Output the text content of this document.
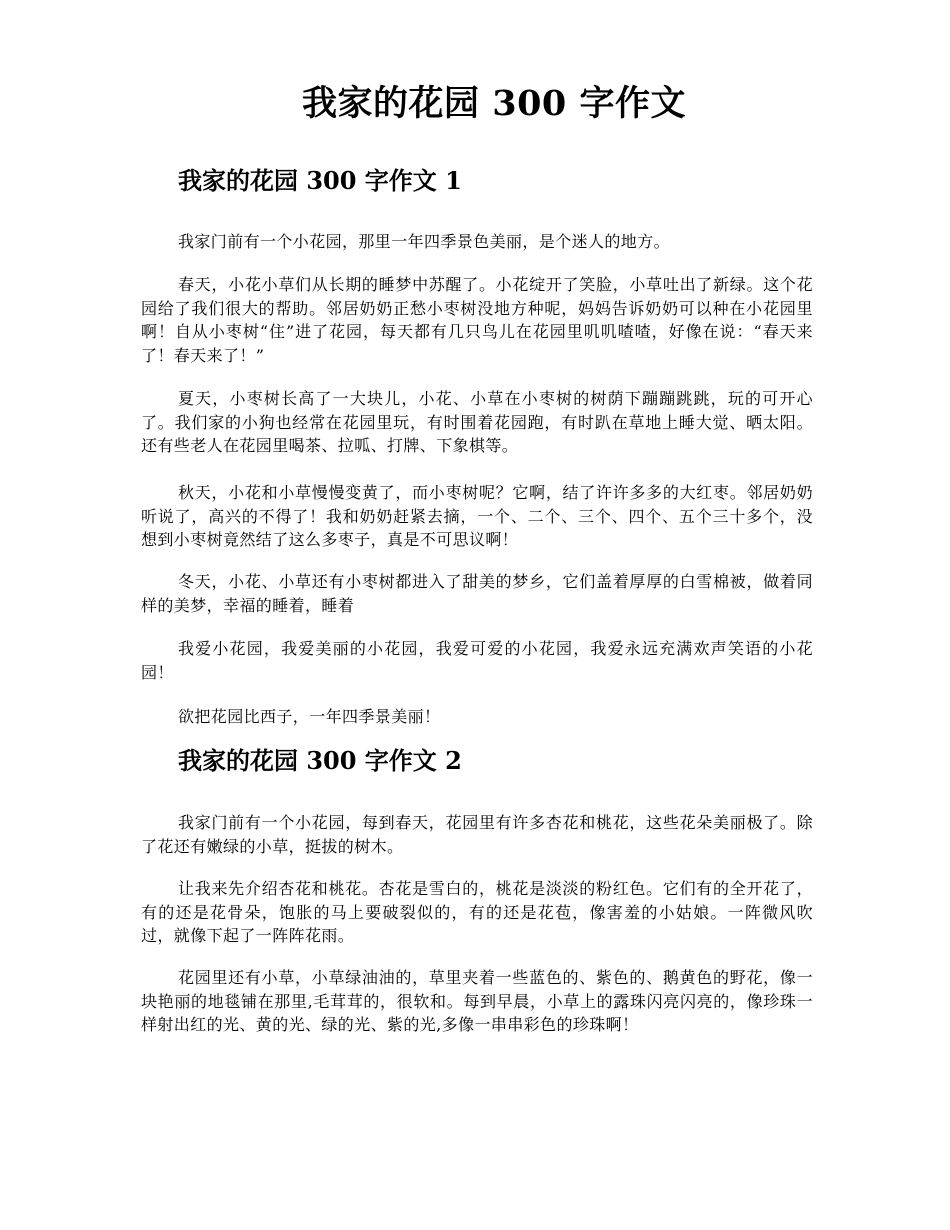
我家的花园 300 字作文
我家的花园 300 字作文 1

我家门前有一个小花园，那里一年四季景色美丽，是个迷人的地方。

春天，小花小草们从长期的睡梦中苏醒了。小花绽开了笑脸，小草吐出了新绿。这个花园给了我们很大的帮助。邻居奶奶正愁小枣树没地方种呢，妈妈告诉奶奶可以种在小花园里啊！自从小枣树“住”进了花园，每天都有几只鸟儿在花园里叽叽喳喳，好像在说：“春天来了！春天来了！”

夏天，小枣树长高了一大块儿，小花、小草在小枣树的树荫下蹦蹦跳跳，玩的可开心了。我们家的小狗也经常在花园里玩，有时围着花园跑，有时趴在草地上睡大觉、晒太阳。还有些老人在花园里喝茶、拉呱、打牌、下象棋等。

秋天，小花和小草慢慢变黄了，而小枣树呢？它啊，结了许许多多的大红枣。邻居奶奶听说了，高兴的不得了！我和奶奶赶紧去摘，一个、二个、三个、四个、五个三十多个，没想到小枣树竟然结了这么多枣子，真是不可思议啊！

冬天，小花、小草还有小枣树都进入了甜美的梦乡，它们盖着厚厚的白雪棉被，做着同样的美梦，幸福的睡着，睡着

我爱小花园，我爱美丽的小花园，我爱可爱的小花园，我爱永远充满欢声笑语的小花园！

欲把花园比西子，一年四季景美丽！

我家的花园 300 字作文 2

我家门前有一个小花园，每到春天，花园里有许多杏花和桃花，这些花朵美丽极了。除了花还有嫩绿的小草，挺拔的树木。

让我来先介绍杏花和桃花。杏花是雪白的，桃花是淡淡的粉红色。它们有的全开花了，有的还是花骨朵，饱胀的马上要破裂似的，有的还是花苞，像害羞的小姑娘。一阵微风吹过，就像下起了一阵阵花雨。

花园里还有小草，小草绿油油的，草里夹着一些蓝色的、紫色的、鹅黄色的野花，像一块艳丽的地毯铺在那里,毛茸茸的，很软和。每到早晨，小草上的露珠闪亮闪亮的，像珍珠一样射出红的光、黄的光、绿的光、紫的光,多像一串串彩色的珍珠啊！
